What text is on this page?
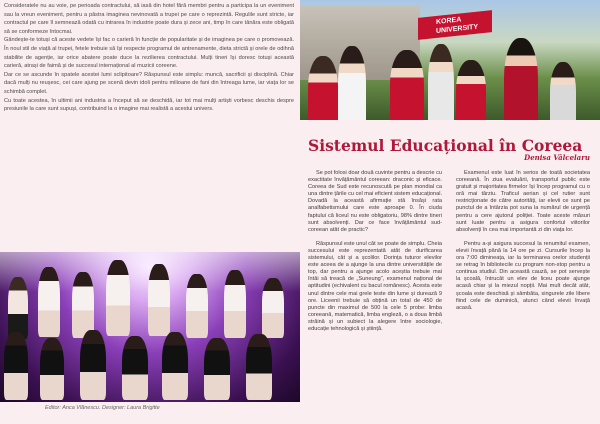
Consideratele nu au voie, pe perioada contractului, să iasă din hotel fără membri pentru a participa la un eveniment sau la vreun eveniment, pentru a păstra imaginea nevinovată a trupei pe care o reprezintă. Regulile sunt stricte, iar contractul pe care îl semnează odată cu intrarea în industrie poate dura și zece ani, timp în care tânăra este obligată să se conformeze întocmai.

Gândește-te totuși că aceste vedete își fac o carieră în funcție de popularitate și de imaginea pe care o promovează. În noul stil de viață al trupei, fetele trebuie să își respecte programul de antrenamente, dieta strictă și orele de odihnă stabilite de agenție, iar orice abatere poate duce la rezilierea contractului. Mulți tineri își doresc totuși această carieră, atrași de faimă și de succesul internațional al muzicii coreene.

Dar ce se ascunde în spatele acestei lumi sclipitoare? Răspunsul este simplu: muncă, sacrificii și disciplină. Chiar dacă mulți nu reușesc, cei care ajung pe scenă devin idoli pentru milioane de fani din întreaga lume, iar viața lor se schimbă complet.

Cu toate acestea, în ultimii ani industria a început să se deschidă, iar tot mai mulți artiști vorbesc deschis despre presiunile la care sunt supuși, contribuind la o imagine mai realistă a acestui univers.

Editor: Anca Vlănescu. Designer: Laura Brigitte
KOREA UNIVERSITY
Sistemul Educațional în Coreea
Denisa Vâlcelaru

Se pot folosi doar două cuvinte pentru a descrie cu exactitate învățământul coreean: draconic și eficace. Coreea de Sud este recunoscută pe plan mondial ca una dintre țările cu cel mai eficient sistem educațional. Dovadă la această afirmație stă însăși rata analfabetismului care este aproape 0. În ciuda faptului că liceul nu este obligatoriu, 98% dintre tineri sunt absolvenți. Dar ce face învățământul sud-coreean atât de practic?

Răspunsul este unul cât se poate de simplu. Cheia succesului este reprezentată atât de durificarea sistemului, cât și a școlilor. Dorința tuturor elevilor este aceea de a ajunge la una dintre universitățile de top, dar pentru a ajunge acolo aceștia trebuie mai întâi să treacă de „Suneung”, examenul național de aptitudini (echivalent cu bacul românesc). Acesta este unul dintre cele mai grele teste din lume și durează 9 ore. Liceenii trebuie să obțină un total de 450 de puncte din maximul de 500 la cele 5 probe: limba coreeană, matematică, limba engleză, o a doua limbă străină și un subiect la alegere între sociologie, educație tehnologică și știință.

Examenul este luat în serios de toată societatea coreeană. În ziua evaluării, transportul public este gratuit și majoritatea firmelor își încep programul cu o oră mai târziu. Traficul aerian și cel rutier sunt restricționate de către autorități, iar elevii ce sunt pe punctul de a întârzia pot suna la numărul de urgență pentru a cere ajutorul poliției. Toate aceste măsuri sunt luate pentru a asigura confortul viitorilor absolvenți în cea mai importantă zi din viața lor.

Pentru a-și asigura succesul la renumitul examen, elevii învață până la 14 ore pe zi. Cursurile încep la ora 7:00 dimineața, iar la terminarea orelor studenții se retrag în bibliotecile cu program non-stop pentru a continua studiul. Din această cauză, se pot servește la școală, întrucât un elev de liceu poate ajunge acasă chiar și la miezul nopții. Mai mult decât atât, școala este deschisă și sâmbăta, singurele zile libere fiind cele de duminică, atunci când elevii învață acasă.
